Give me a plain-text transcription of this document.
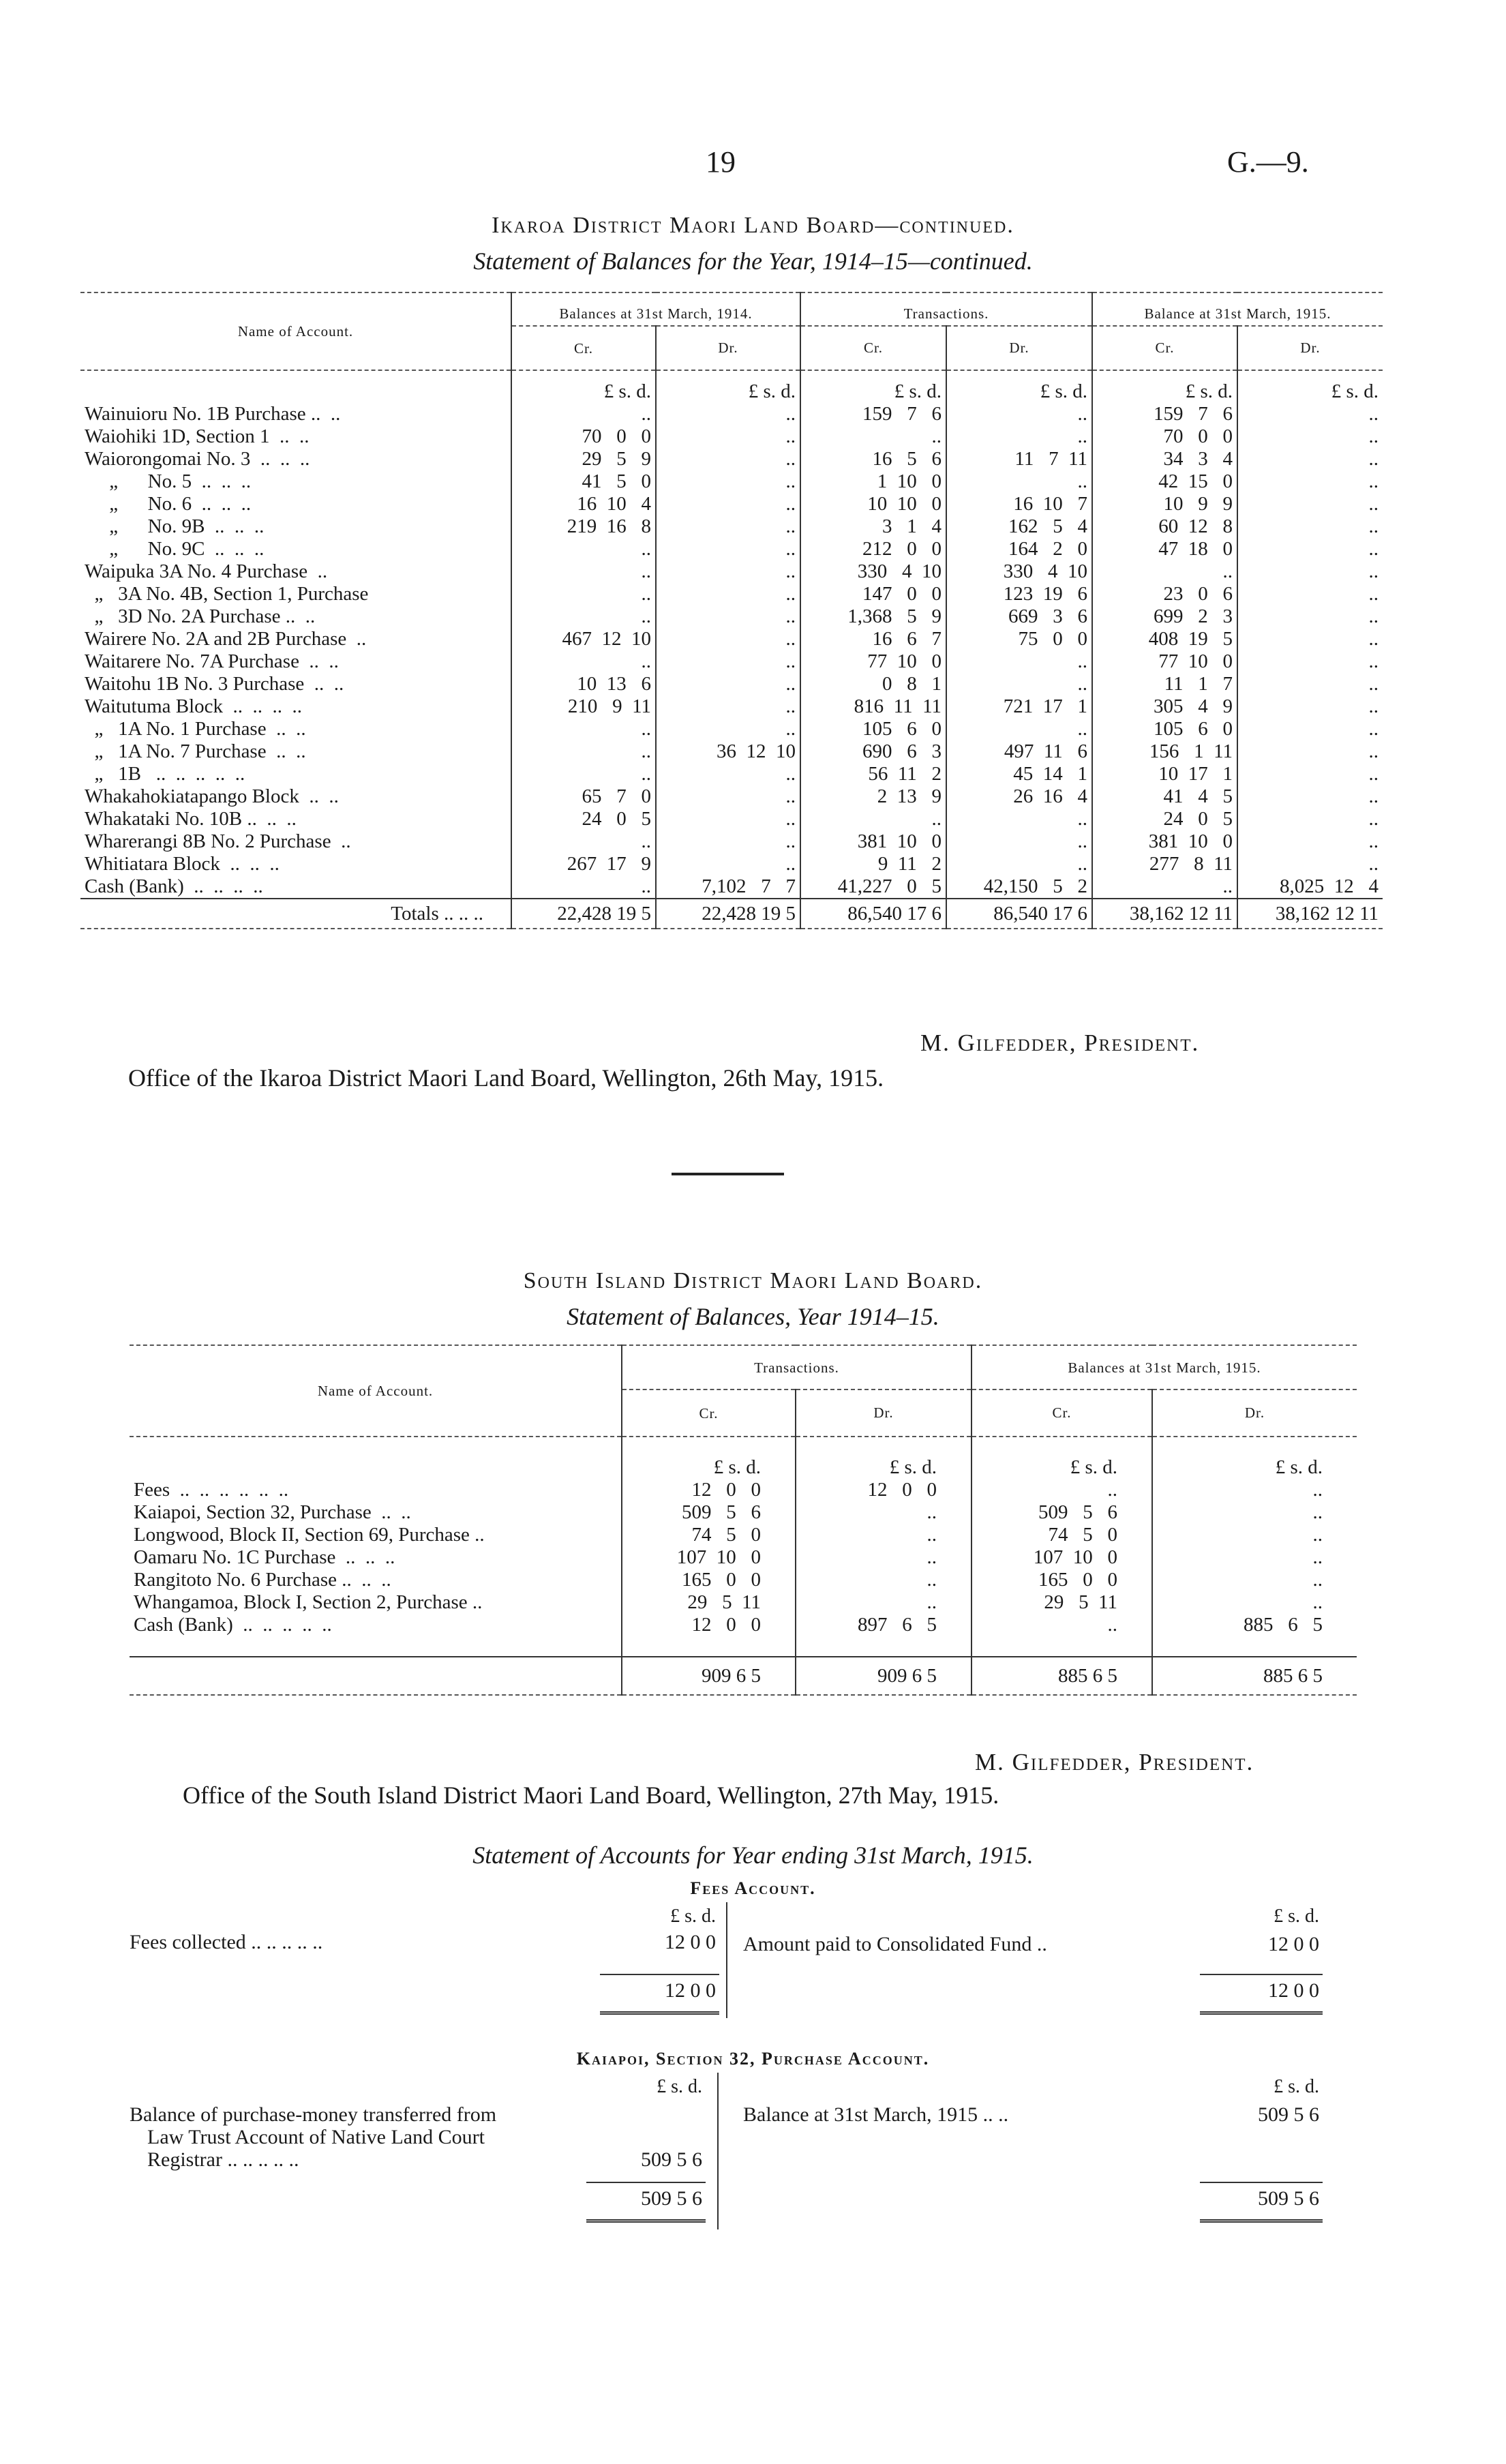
19	G.—9.
Ikaroa District Maori Land Board—continued.
Statement of Balances for the Year, 1914–15—continued.
Name of Account.	Balances at 31st March, 1914.		Transactions.		Balance at 31st March, 1915.	
	Cr.	Dr.	Cr.	Dr.	Cr.	Dr.
	£ s. d.	£ s. d.	£ s. d.	£ s. d.	£ s. d.	£ s. d.
Wainuioru No. 1B Purchase ..  ..	..	..	159   7   6	..	159   7   6	..
Waiohiki 1D, Section 1  ..  ..	70   0   0	..	..	..	70   0   0	..
Waiorongomai No. 3  ..  ..  ..	29   5   9	..	16   5   6	11   7  11	34   3   4	..
„      No. 5  ..  ..  ..	41   5   0	..	1  10   0	..	42  15   0	..
„      No. 6  ..  ..  ..	16  10   4	..	10  10   0	16  10   7	10   9   9	..
„      No. 9B  ..  ..  ..	219  16   8	..	3   1   4	162   5   4	60  12   8	..
„      No. 9C  ..  ..  ..	..	..	212   0   0	164   2   0	47  18   0	..
Waipuka 3A No. 4 Purchase  ..	..	..	330   4  10	330   4  10	..	..
„   3A No. 4B, Section 1, Purchase	..	..	147   0   0	123  19   6	23   0   6	..
„   3D No. 2A Purchase ..  ..	..	..	1,368   5   9	669   3   6	699   2   3	..
Wairere No. 2A and 2B Purchase  ..	467  12  10	..	16   6   7	75   0   0	408  19   5	..
Waitarere No. 7A Purchase  ..  ..	..	..	77  10   0	..	77  10   0	..
Waitohu 1B No. 3 Purchase  ..  ..	10  13   6	..	0   8   1	..	11   1   7	..
Waitutuma Block  ..  ..  ..  ..	210   9  11	..	816  11  11	721  17   1	305   4   9	..
„   1A No. 1 Purchase  ..  ..	..	..	105   6   0	..	105   6   0	..
„   1A No. 7 Purchase  ..  ..	..	36  12  10	690   6   3	497  11   6	156   1  11	..
„   1B   ..  ..  ..  ..  ..	..	..	56  11   2	45  14   1	10  17   1	..
Whakahokiatapango Block  ..  ..	65   7   0	..	2  13   9	26  16   4	41   4   5	..
Whakataki No. 10B ..  ..  ..	24   0   5	..	..	..	24   0   5	..
Wharerangi 8B No. 2 Purchase  ..	..	..	381  10   0	..	381  10   0	..
Whitiatara Block  ..  ..  ..	267  17   9	..	9  11   2	..	277   8  11	..
Cash (Bank)  ..  ..  ..  ..	..	7,102   7   7	41,227   0   5	42,150   5   2	..	8,025  12   4
Totals .. .. ..	22,428 19 5	22,428 19 5	86,540 17 6	86,540 17 6	38,162 12 11	38,162 12 11

M. Gilfedder, President.
Office of the Ikaroa District Maori Land Board, Wellington, 26th May, 1915.
South Island District Maori Land Board.
Statement of Balances, Year 1914–15.
Name of Account.	Transactions.		Balances at 31st March, 1915.	
	Cr.	Dr.	Cr.	Dr.
	£ s. d.	£ s. d.	£ s. d.	£ s. d.
Fees  ..  ..  ..  ..  ..  ..	12   0   0	12   0   0	..	..
Kaiapoi, Section 32, Purchase  ..  ..	509   5   6	..	509   5   6	..
Longwood, Block II, Section 69, Purchase ..	74   5   0	..	74   5   0	..
Oamaru No. 1C Purchase  ..  ..  ..	107  10   0	..	107  10   0	..
Rangitoto No. 6 Purchase ..  ..  ..	165   0   0	..	165   0   0	..
Whangamoa, Block I, Section 2, Purchase ..	29   5  11	..	29   5  11	..
Cash (Bank)  ..  ..  ..  ..  ..	12   0   0	897   6   5	..	885   6   5

	909 6 5	909 6 5	885 6 5	885 6 5

M. Gilfedder, President.
Office of the South Island District Maori Land Board, Wellington, 27th May, 1915.
Statement of Accounts for Year ending 31st March, 1915.
Fees Account.
£ s. d.
Fees collected .. .. .. .. ..	12 0 0
12 0 0
£ s. d.
Amount paid to Consolidated Fund ..	12 0 0
12 0 0
Kaiapoi, Section 32, Purchase Account.
£ s. d.
Balance of purchase-money transferred from
Law Trust Account of Native Land Court
Registrar .. .. .. .. ..	509 5 6
509 5 6
£ s. d.
Balance at 31st March, 1915 .. ..	509 5 6
509 5 6
